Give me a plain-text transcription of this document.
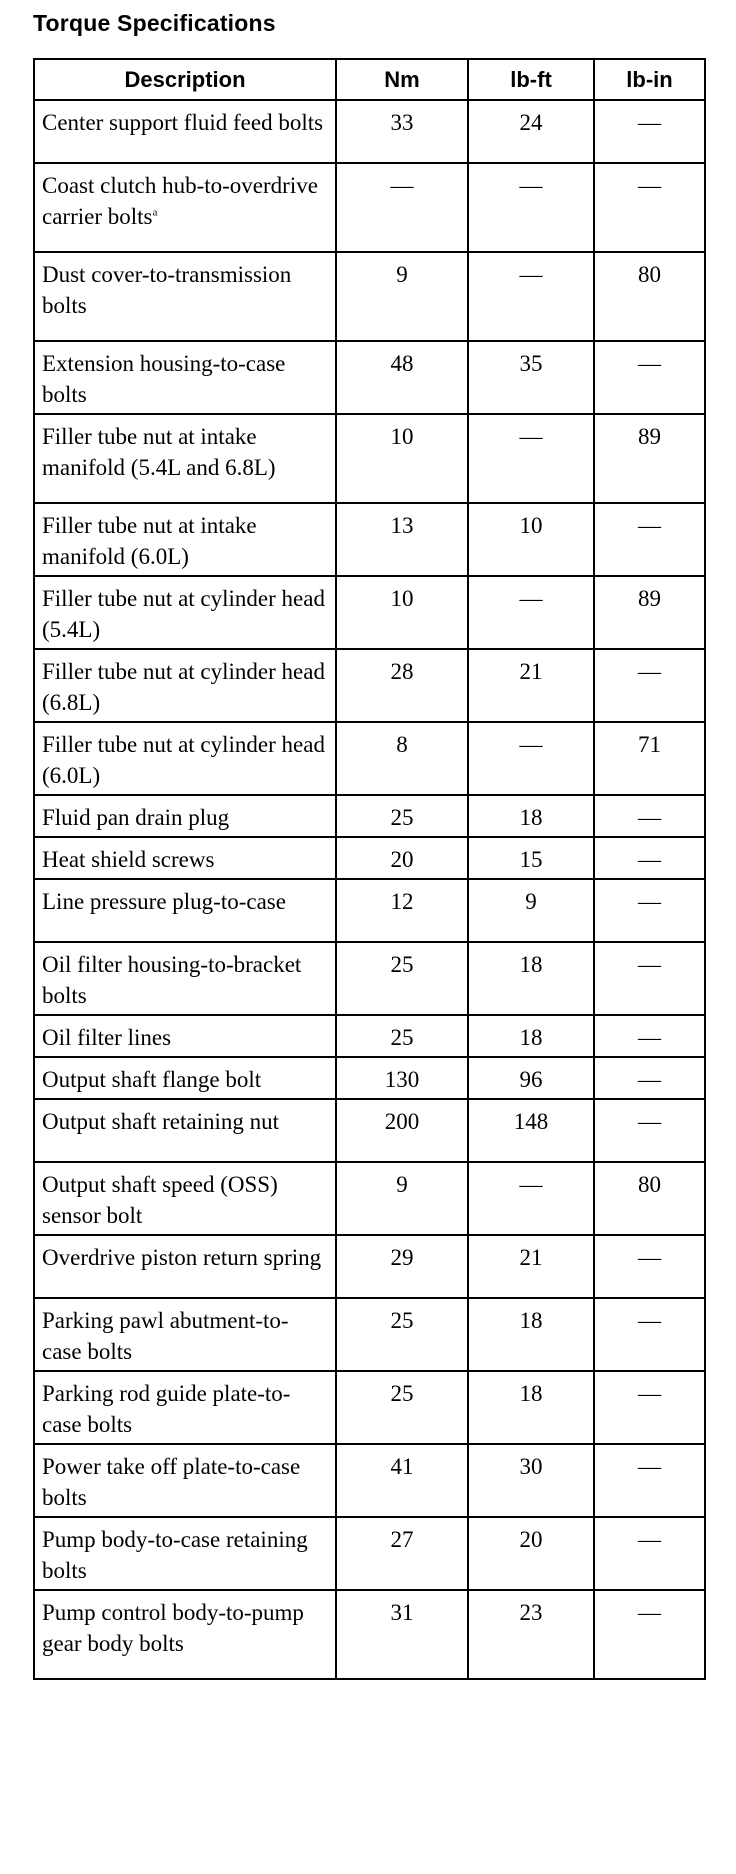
Torque Specifications
Description	Nm	lb-ft	lb-in
Center support fluid feed bolts	33	24	—
Coast clutch hub-to-overdrive carrier bolts$^a$	—	—	—
Dust cover-to-transmission bolts	9	—	80
Extension housing-to-case bolts	48	35	—
Filler tube nut at intake manifold (5.4L and 6.8L)	10	—	89
Filler tube nut at intake manifold (6.0L)	13	10	—
Filler tube nut at cylinder head (5.4L)	10	—	89
Filler tube nut at cylinder head (6.8L)	28	21	—
Filler tube nut at cylinder head (6.0L)	8	—	71
Fluid pan drain plug	25	18	—
Heat shield screws	20	15	—
Line pressure plug-to-case	12	9	—
Oil filter housing-to-bracket bolts	25	18	—
Oil filter lines	25	18	—
Output shaft flange bolt	130	96	—
Output shaft retaining nut	200	148	—
Output shaft speed (OSS) sensor bolt	9	—	80
Overdrive piston return spring	29	21	—
Parking pawl abutment-to-case bolts	25	18	—
Parking rod guide plate-to-case bolts	25	18	—
Power take off plate-to-case bolts	41	30	—
Pump body-to-case retaining bolts	27	20	—
Pump control body-to-pump gear body bolts	31	23	—
